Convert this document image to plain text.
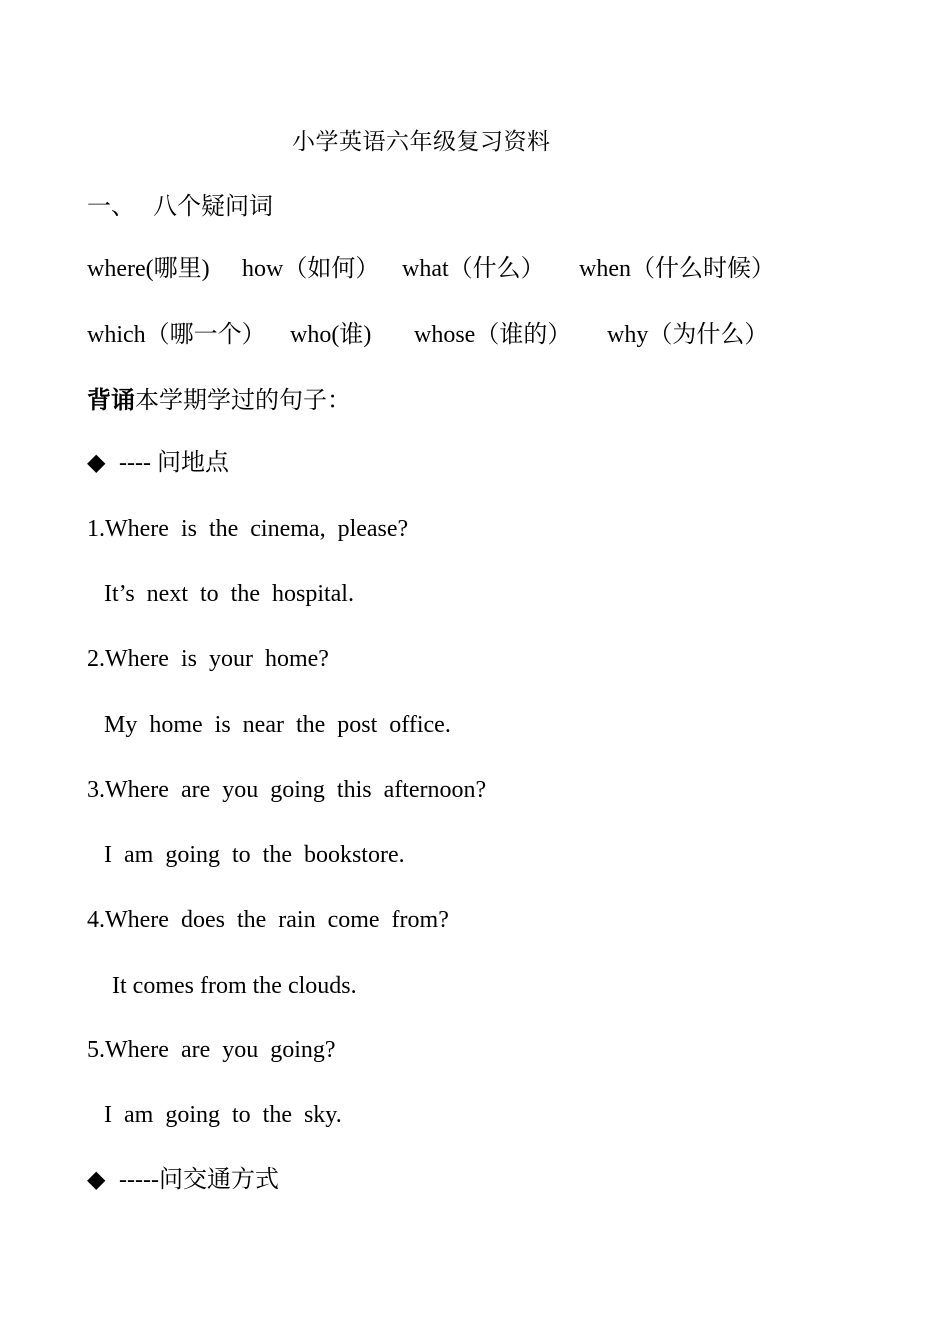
小学英语六年级复习资料
一、 八个疑问词
where(哪里) how（如何） what（什么） when（什么时候）
which（哪一个） who(谁) whose（谁的） why（为什么）
背诵本学期学过的句子：
◆ ---- 问地点
1.Where is the cinema, please?
It’s next to the hospital.
2.Where is your home?
My home is near the post office.
3.Where are you going this afternoon?
I am going to the bookstore.
4.Where does the rain come from?
It comes from the clouds.
5.Where are you going?
I am going to the sky.
◆ -----问交通方式
